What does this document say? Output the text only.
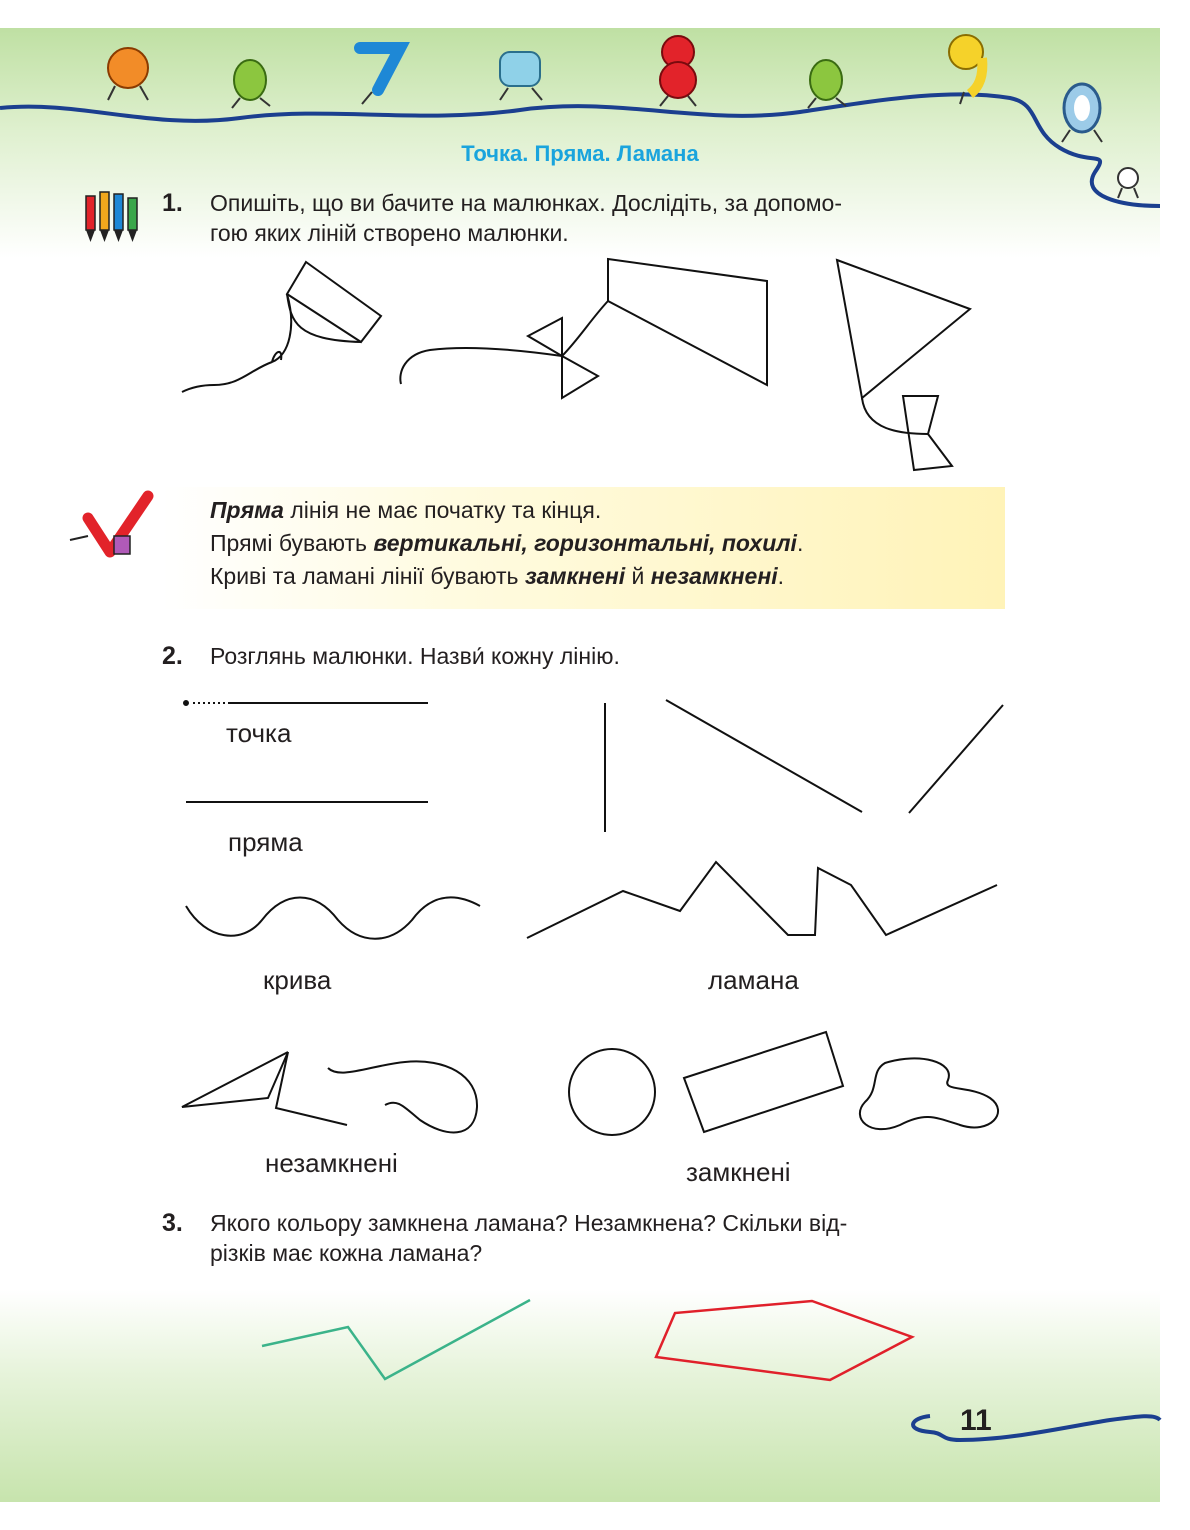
Точка. Пряма. Ламана
1. Опишіть, що ви бачите на малюнках. Дослідіть, за допомо-
гою яких ліній створено малюнки.
Пряма лінія не має початку та кінця.
Прямі бувають вертикальні, горизонтальні, похилі.
Криві та ламані лінії бувають замкнені й незамкнені.
2. Розглянь малюнки. Назви́ кожну лінію.
точка
пряма
крива	ламана
незамкнені	замкнені
3. Якого кольору замкнена ламана? Незамкнена? Скільки від-
різків має кожна ламана?
11
